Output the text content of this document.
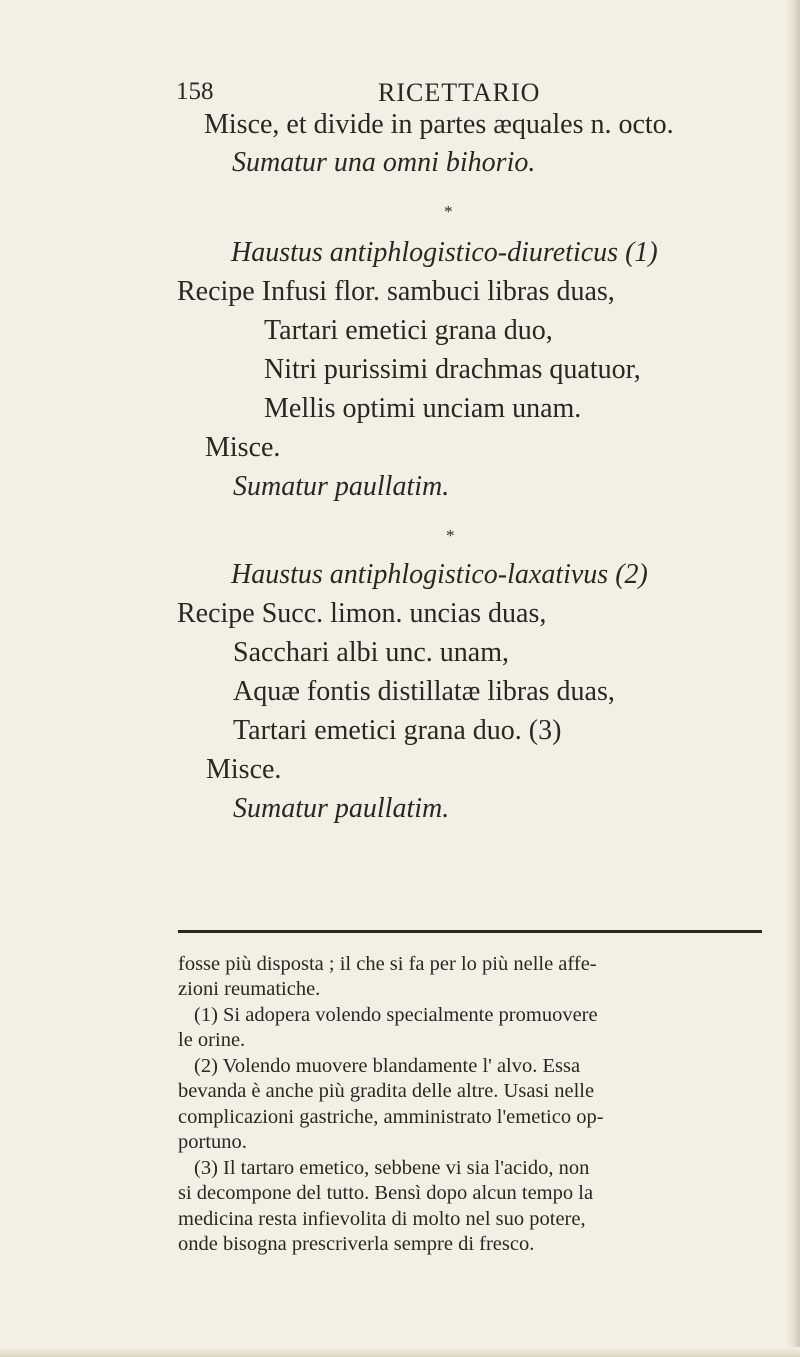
158	RICETTARIO
Misce, et divide in partes æquales n. octo.
Sumatur una omni bihorio.
*
Haustus antiphlogistico-diureticus (1)
Recipe Infusi flor. sambuci libras duas,
Tartari emetici grana duo,
Nitri purissimi drachmas quatuor,
Mellis optimi unciam unam.
Misce.
Sumatur paullatim.
*
Haustus antiphlogistico-laxativus (2)
Recipe Succ. limon. uncias duas,
Sacchari albi unc. unam,
Aquæ fontis distillatæ libras duas,
Tartari emetici grana duo. (3)
Misce.
Sumatur paullatim.
fosse più disposta ; il che si fa per lo più nelle affe-
zioni reumatiche.
(1) Si adopera volendo specialmente promuovere
le orine.
(2) Volendo muovere blandamente l' alvo. Essa
bevanda è anche più gradita delle altre. Usasi nelle
complicazioni gastriche, amministrato l'emetico op-
portuno.
(3) Il tartaro emetico, sebbene vi sia l'acido, non
si decompone del tutto. Bensì dopo alcun tempo la
medicina resta infievolita di molto nel suo potere,
onde bisogna prescriverla sempre di fresco.
